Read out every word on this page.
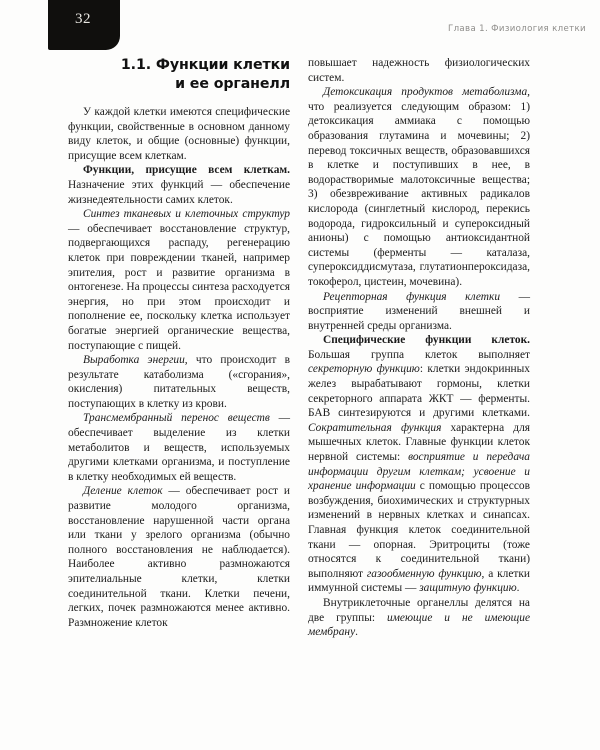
32
Глава 1. Физиология клетки
1.1. Функции клетки
и ее органелл

У каждой клетки имеются специфические функции, свойственные в основном данному виду клеток, и общие (основные) функции, присущие всем клеткам.

Функции, присущие всем клеткам. Назначение этих функций — обеспечение жизнедеятельности самих клеток.

Синтез тканевых и клеточных структур — обеспечивает восстановление структур, подвергающихся распаду, регенерацию клеток при повреждении тканей, например эпителия, рост и развитие организма в онтогенезе. На процессы синтеза расходуется энергия, но при этом происходит и пополнение ее, поскольку клетка использует богатые энергией органические вещества, поступающие с пищей.

Выработка энергии, что происходит в результате катаболизма («сгорания», окисления) питательных веществ, поступающих в клетку из крови.

Трансмембранный перенос веществ — обеспечивает выделение из клетки метаболитов и веществ, используемых другими клетками организма, и поступление в клетку необходимых ей веществ.

Деление клеток — обеспечивает рост и развитие молодого организма, восстановление нарушенной части органа или ткани у зрелого организма (обычно полного восстановления не наблюдается). Наиболее активно размножаются эпителиальные клетки, клетки соединительной ткани. Клетки печени, легких, почек размножаются менее активно. Размножение клеток

повышает надежность физиологических систем.

Детоксикация продуктов метаболизма, что реализуется следующим образом: 1) детоксикация аммиака с помощью образования глутамина и мочевины; 2) перевод токсичных веществ, образовавшихся в клетке и поступивших в нее, в водорастворимые малотоксичные вещества; 3) обезвреживание активных радикалов кислорода (синглетный кислород, перекись водорода, гидроксильный и супероксидный анионы) с помощью антиоксидантной системы (ферменты — каталаза, супероксиддисмутаза, глутатионпероксидаза, токоферол, цистеин, мочевина).

Рецепторная функция клетки — восприятие изменений внешней и внутренней среды организма.

Специфические функции клеток. Большая группа клеток выполняет секреторную функцию: клетки эндокринных желез вырабатывают гормоны, клетки секреторного аппарата ЖКТ — ферменты. БАВ синтезируются и другими клетками. Сократительная функция характерна для мышечных клеток. Главные функции клеток нервной системы: восприятие и передача информации другим клеткам; усвоение и хранение информации с помощью процессов возбуждения, биохимических и структурных изменений в нервных клетках и синапсах. Главная функция клеток соединительной ткани — опорная. Эритроциты (тоже относятся к соединительной ткани) выполняют газообменную функцию, а клетки иммунной системы — защитную функцию.

Внутриклеточные органеллы делятся на две группы: имеющие и не имеющие мембрану.
